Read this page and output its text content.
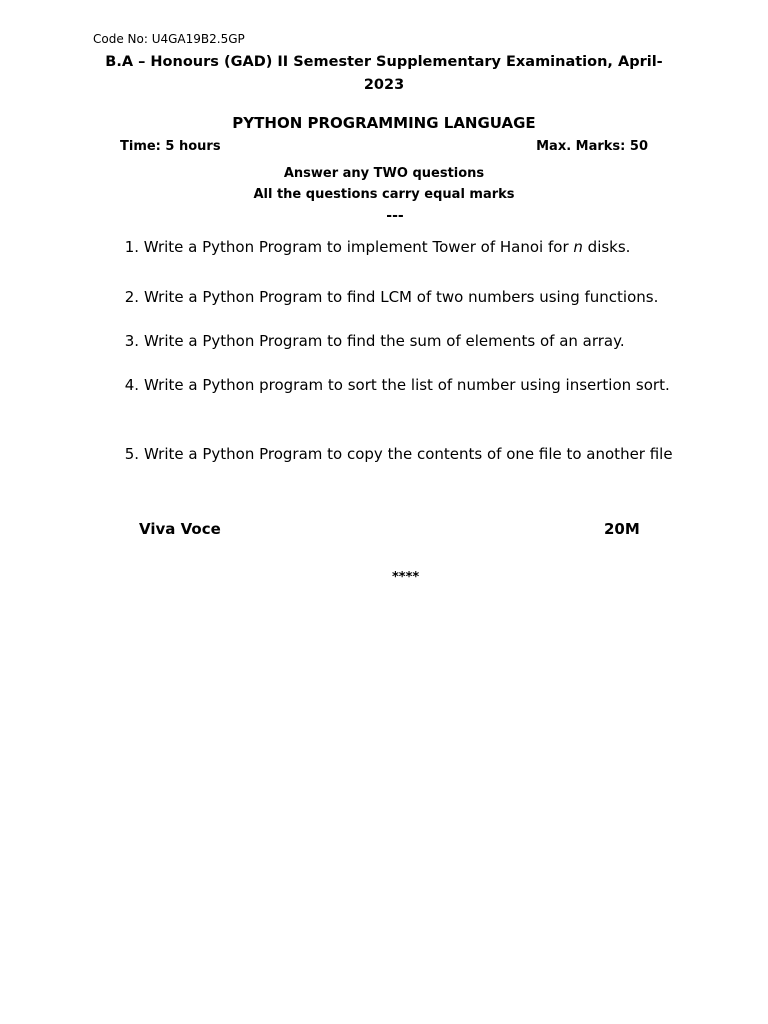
Code No: U4GA19B2.5GP
B.A – Honours (GAD) II Semester Supplementary Examination, April-2023
PYTHON PROGRAMMING LANGUAGE
Time: 5 hours	Max. Marks: 50
Answer any TWO questions
All the questions carry equal marks
---
1. Write a Python Program to implement Tower of Hanoi for n disks.
2. Write a Python Program to find LCM of two numbers using functions.
3. Write a Python Program to find the sum of elements of an array.
4. Write a Python program to sort the list of number using insertion sort.
5. Write a Python Program to copy the contents of one file to another file
Viva Voce	20M
****
